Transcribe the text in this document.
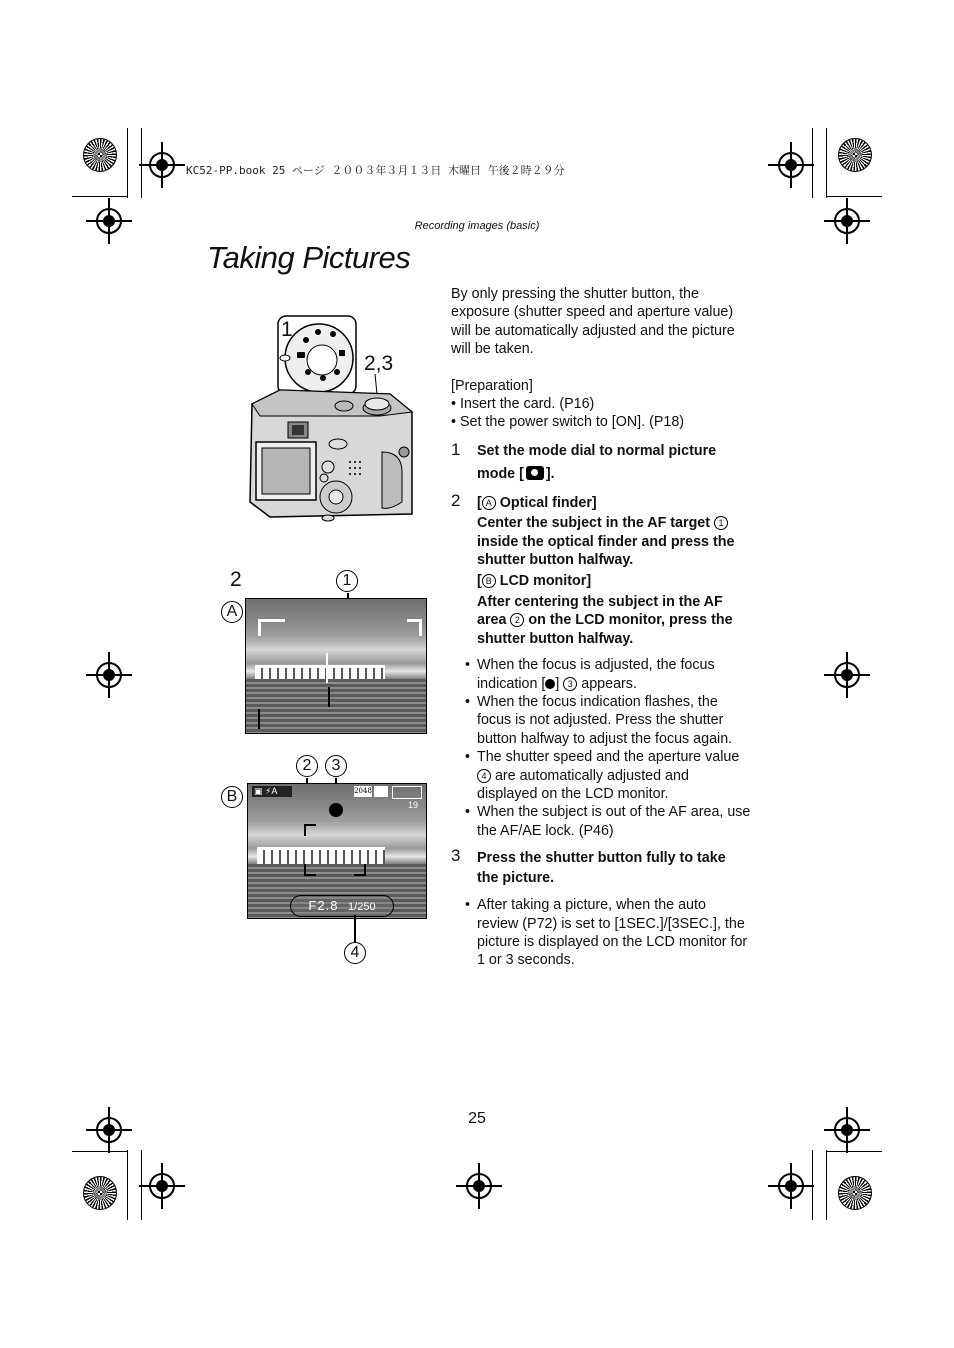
KC52-PP.book 25 ページ ２００３年３月１３日 木曜日 午後２時２９分
Recording images (basic)
Taking Pictures
1
2,3
2	1
A
2	3
B	▣ ⚡A	2048
19
F2.8 1/250
4

By only pressing the shutter button, the exposure (shutter speed and aperture value) will be automatically adjusted and the picture will be taken.

[Preparation]

• Insert the card. (P16)
• Set the power switch to [ON]. (P18)
1 Set the mode dial to normal picture mode [ ].
2 [ A Optical finder]
Center the subject in the AF target 1 inside the optical finder and press the shutter button halfway.
[ B LCD monitor]
After centering the subject in the AF area 2 on the LCD monitor, press the shutter button halfway.
• When the focus is adjusted, the focus indication [ ] 3 appears.
• When the focus indication flashes, the focus is not adjusted. Press the shutter button halfway to adjust the focus again.
• The shutter speed and the aperture value 4 are automatically adjusted and displayed on the LCD monitor.
• When the subject is out of the AF area, use the AF/AE lock. (P46)
3 Press the shutter button fully to take the picture.
• After taking a picture, when the auto review (P72) is set to [1SEC.]/[3SEC.], the picture is displayed on the LCD monitor for 1 or 3 seconds.
25
